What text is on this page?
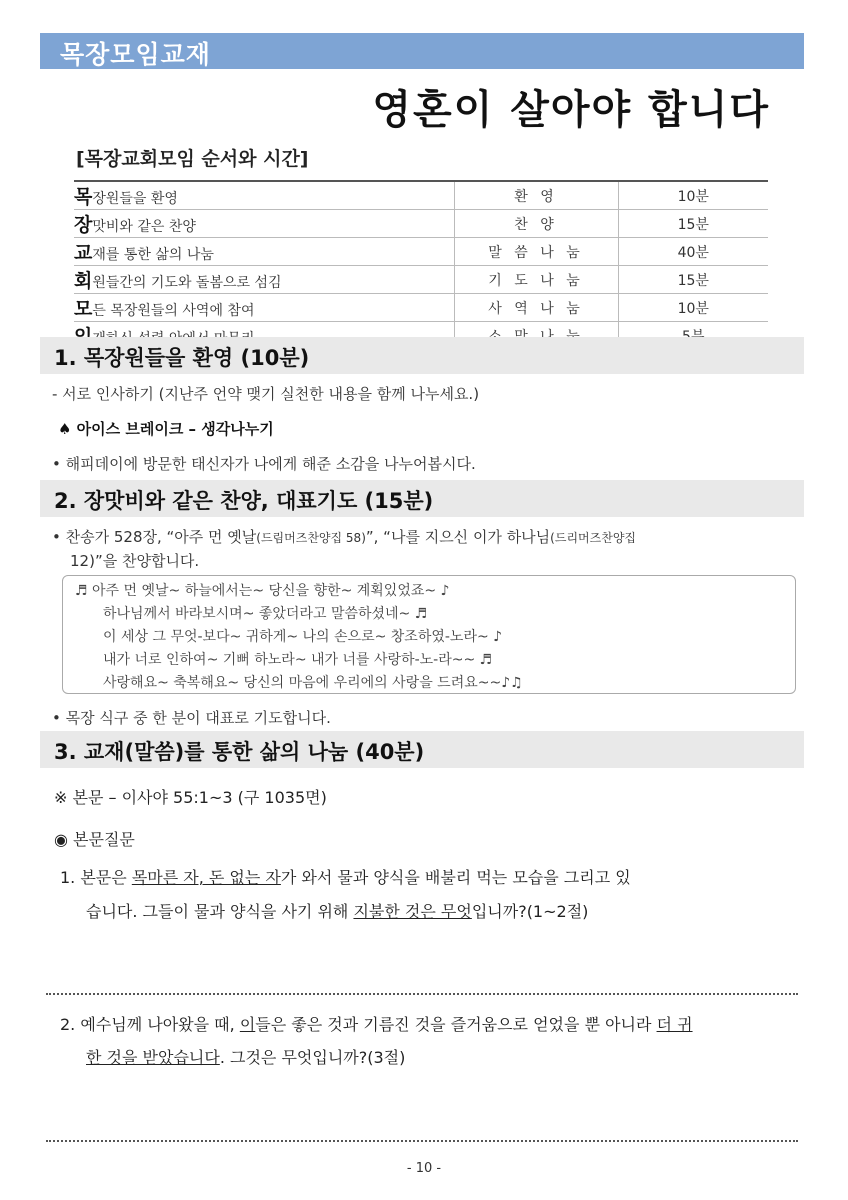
목장모임교재
영혼이 살아야 합니다
[목장교회모임 순서와 시간]
목장원들을 환영	환 영	10분
장맛비와 같은 찬양	찬 양	15분
교재를 통한 삶의 나눔	말 씀 나 눔	40분
회원들간의 기도와 돌봄으로 섬김	기 도 나 눔	15분
모든 목장원들의 사역에 참여	사 역 나 눔	10분

1. 목장원들을 환영 (10분)
- 서로 인사하기 (지난주 언약 맺기 실천한 내용을 함께 나누세요.)
♠ 아이스 브레이크 – 생각나누기
• 해피데이에 방문한 태신자가 나에게 해준 소감을 나누어봅시다.
2. 장맛비와 같은 찬양, 대표기도 (15분)
• 찬송가 528장, “아주 먼 옛날(드림머즈찬양집 58)”, “나를 지으신 이가 하나님(드리머즈찬양집
12)”을 찬양합니다.
♬ 아주 먼 옛날~ 하늘에서는~ 당신을 향한~ 계획있었죠~ ♪
하나님께서 바라보시며~ 좋았더라고 말씀하셨네~ ♬
이 세상 그 무엇-보다~ 귀하게~ 나의 손으로~ 창조하였-노라~ ♪
내가 너로 인하여~ 기뻐 하노라~ 내가 너를 사랑하-노-라~~ ♬
사랑해요~ 축복해요~ 당신의 마음에 우리에의 사랑을 드려요~~♪♫
• 목장 식구 중 한 분이 대표로 기도합니다.
3. 교재(말씀)를 통한 삶의 나눔 (40분)
※ 본문 – 이사야 55:1~3 (구 1035면)
◉ 본문질문
1. 본문은 목마른 자, 돈 없는 자가 와서 물과 양식을 배불리 먹는 모습을 그리고 있
습니다. 그들이 물과 양식을 사기 위해 지불한 것은 무엇입니까?(1~2절)
2. 예수님께 나아왔을 때, 이들은 좋은 것과 기름진 것을 즐거움으로 얻었을 뿐 아니라 더 귀
한 것을 받았습니다. 그것은 무엇입니까?(3절)
- 10 -
